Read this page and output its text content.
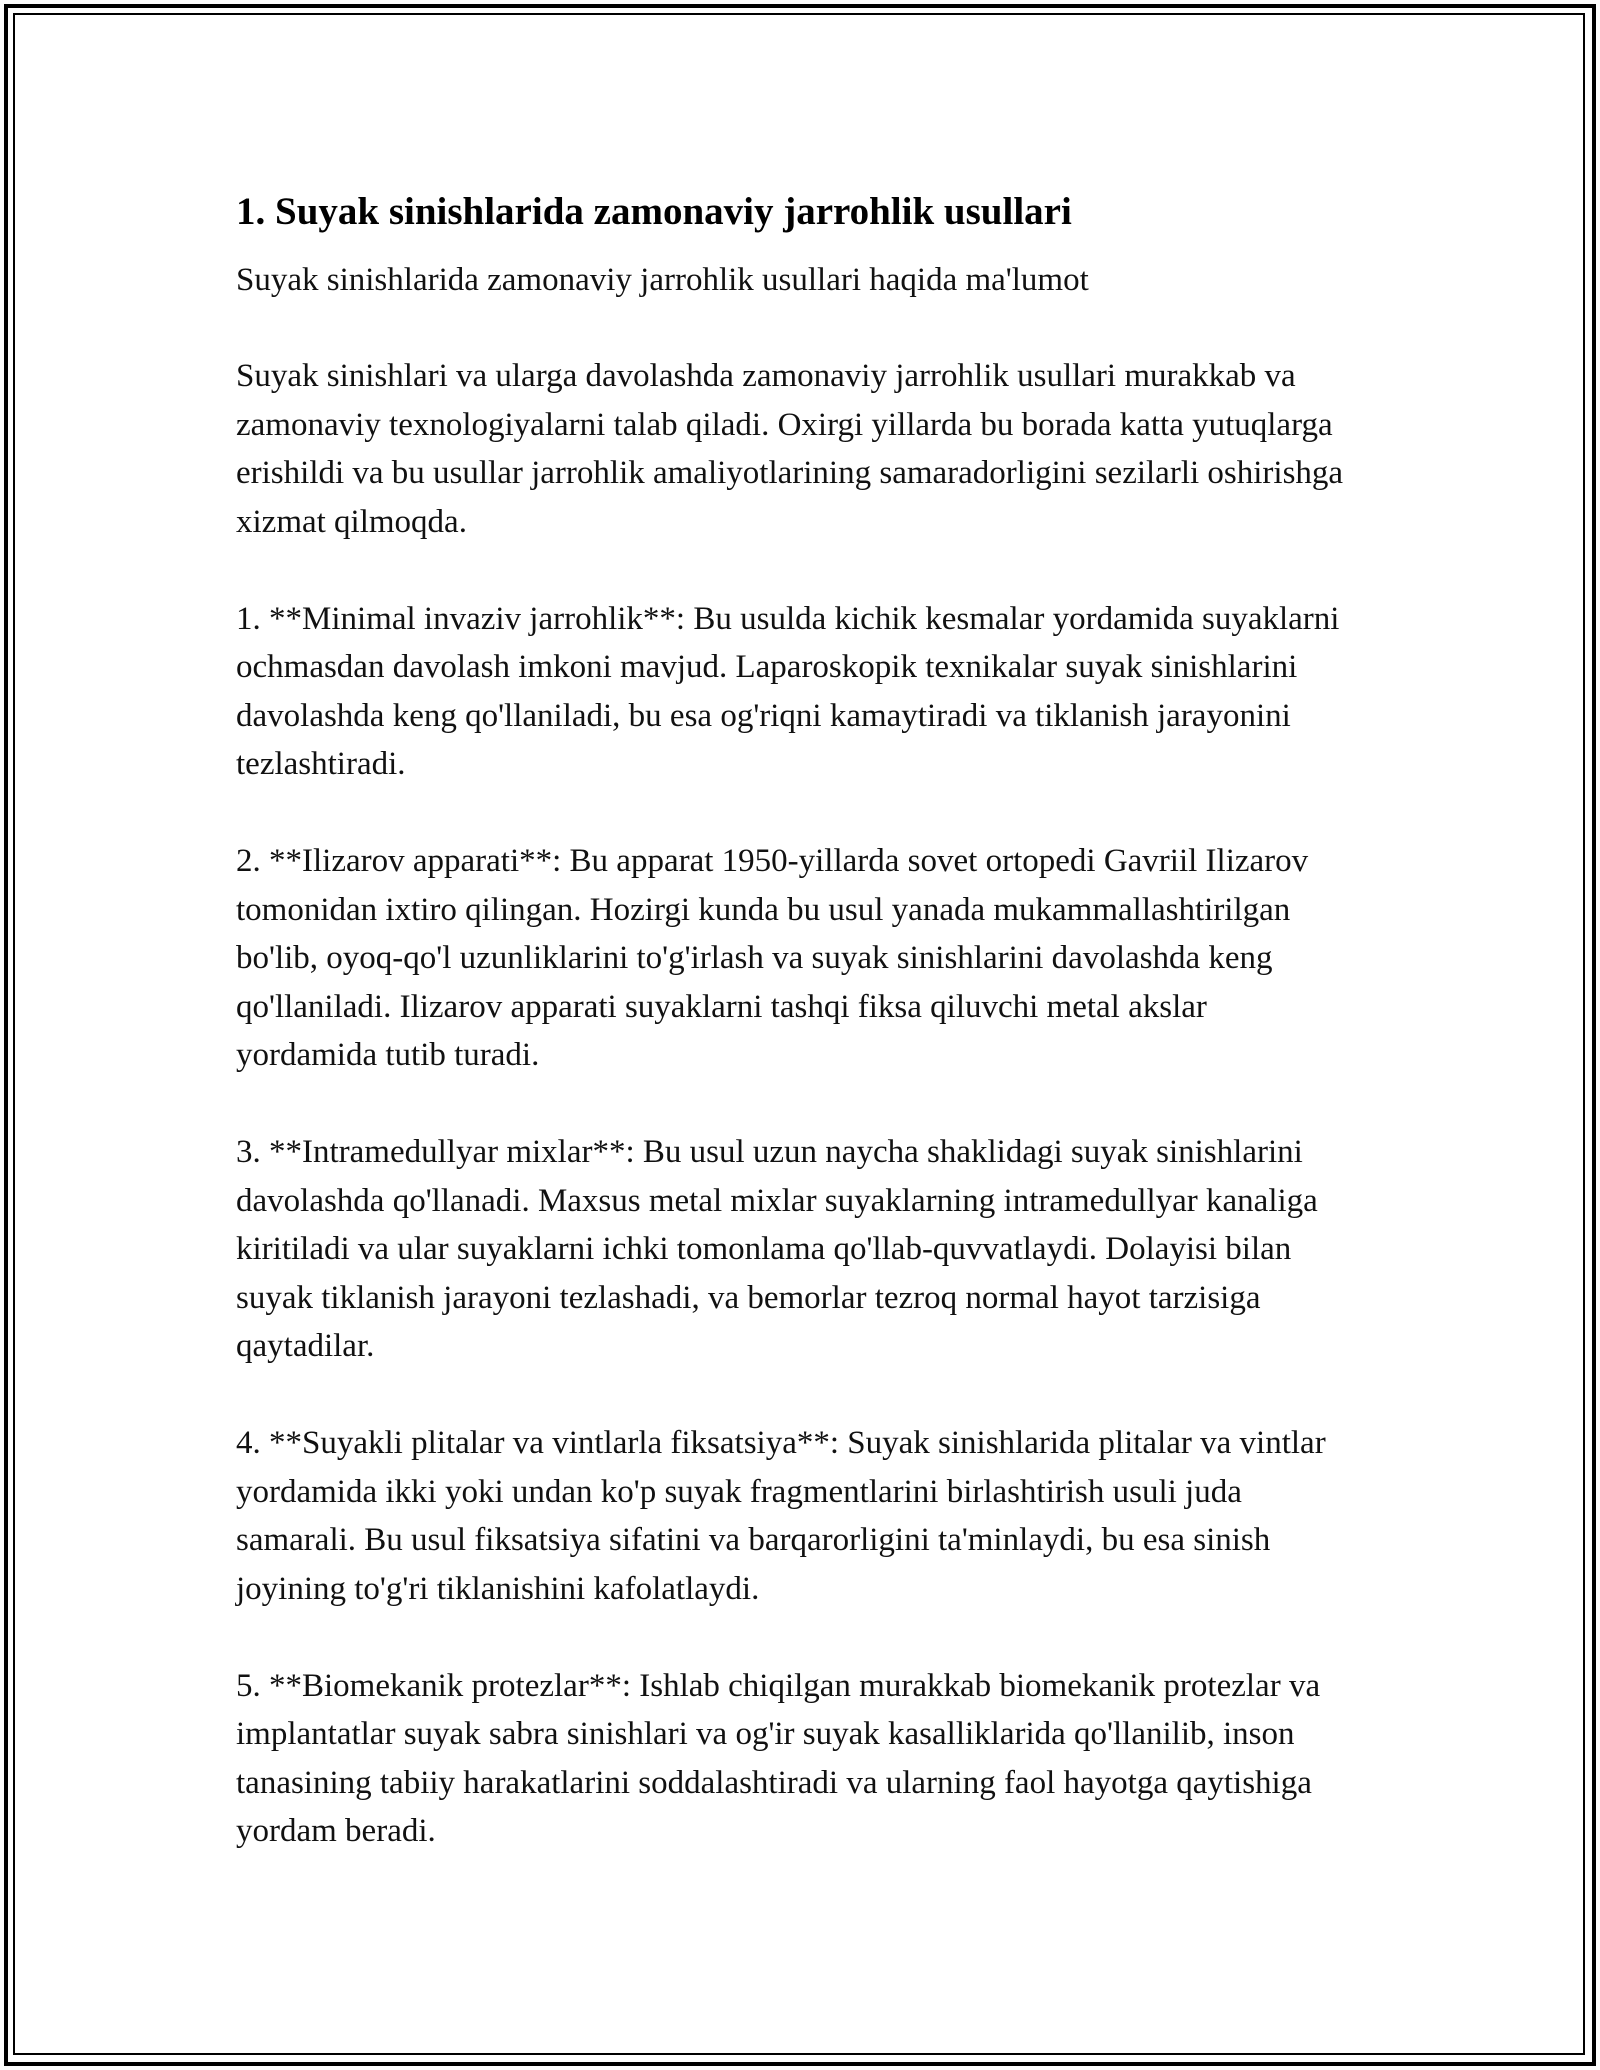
1. Suyak sinishlarida zamonaviy jarrohlik usullari

Suyak sinishlarida zamonaviy jarrohlik usullari haqida ma'lumot

Suyak sinishlari va ularga davolashda zamonaviy jarrohlik usullari murakkab va zamonaviy texnologiyalarni talab qiladi. Oxirgi yillarda bu borada katta yutuqlarga erishildi va bu usullar jarrohlik amaliyotlarining samaradorligini sezilarli oshirishga xizmat qilmoqda.

1. **Minimal invaziv jarrohlik**: Bu usulda kichik kesmalar yordamida suyaklarni ochmasdan davolash imkoni mavjud. Laparoskopik texnikalar suyak sinishlarini davolashda keng qo'llaniladi, bu esa og'riqni kamaytiradi va tiklanish jarayonini tezlashtiradi.

2. **Ilizarov apparati**: Bu apparat 1950-yillarda sovet ortopedi Gavriil Ilizarov tomonidan ixtiro qilingan. Hozirgi kunda bu usul yanada mukammallashtirilgan bo'lib, oyoq-qo'l uzunliklarini to'g'irlash va suyak sinishlarini davolashda keng qo'llaniladi. Ilizarov apparati suyaklarni tashqi fiksa qiluvchi metal akslar yordamida tutib turadi.

3. **Intramedullyar mixlar**: Bu usul uzun naycha shaklidagi suyak sinishlarini davolashda qo'llanadi. Maxsus metal mixlar suyaklarning intramedullyar kanaliga kiritiladi va ular suyaklarni ichki tomonlama qo'llab-quvvatlaydi. Dolayisi bilan suyak tiklanish jarayoni tezlashadi, va bemorlar tezroq normal hayot tarzisiga qaytadilar.

4. **Suyakli plitalar va vintlarla fiksatsiya**: Suyak sinishlarida plitalar va vintlar yordamida ikki yoki undan ko'p suyak fragmentlarini birlashtirish usuli juda samarali. Bu usul fiksatsiya sifatini va barqarorligini ta'minlaydi, bu esa sinish joyining to'g'ri tiklanishini kafolatlaydi.

5. **Biomekanik protezlar**: Ishlab chiqilgan murakkab biomekanik protezlar va implantatlar suyak sabra sinishlari va og'ir suyak kasalliklarida qo'llanilib, inson tanasining tabiiy harakatlarini soddalashtiradi va ularning faol hayotga qaytishiga yordam beradi.
